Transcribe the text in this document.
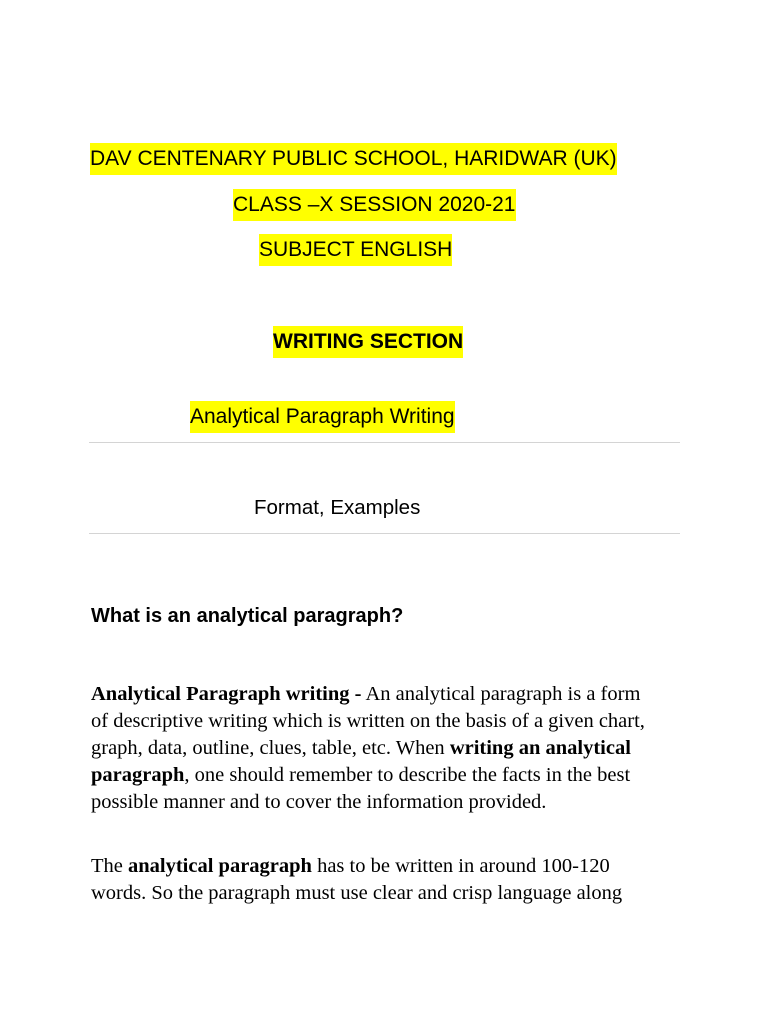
DAV CENTENARY PUBLIC SCHOOL, HARIDWAR (UK)
CLASS –X SESSION 2020-21
SUBJECT ENGLISH
WRITING SECTION
Analytical Paragraph Writing
Format, Examples
What is an analytical paragraph?

Analytical Paragraph writing - An analytical paragraph is a form of descriptive writing which is written on the basis of a given chart, graph, data, outline, clues, table, etc. When writing an analytical paragraph, one should remember to describe the facts in the best possible manner and to cover the information provided.

The analytical paragraph has to be written in around 100-120 words. So the paragraph must use clear and crisp language along
